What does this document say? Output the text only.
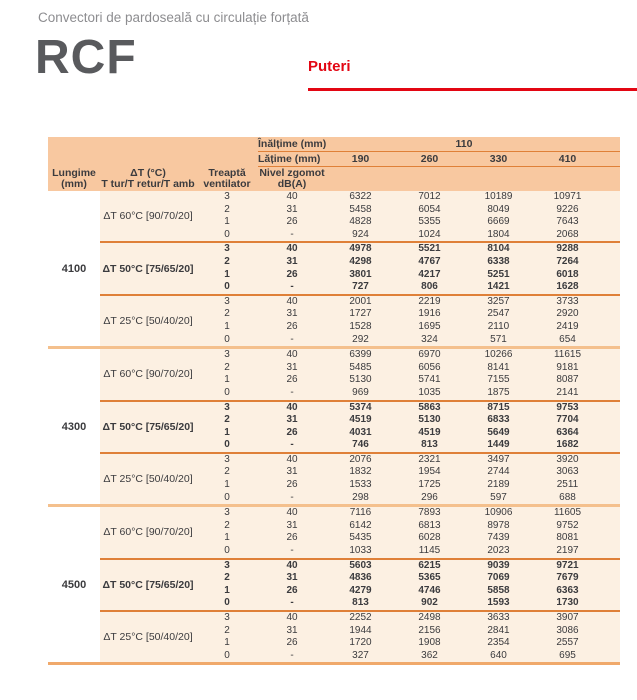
Convectori de pardoseală cu circulație forțată
RCF	Puteri
Înălțime (mm)	110
Lățime (mm)	190	260	330	410
Lungime
(mm)
ΔT (°C)
T tur/T retur/T amb
Treaptă
ventilator
Nivel zgomot
dB(A)
4100
ΔT 60°C [90/70/20]
3	40	6322	7012	10189	10971
2	31	5458	6054	8049	9226
1	26	4828	5355	6669	7643
0	-	924	1024	1804	2068
ΔT 50°C [75/65/20]
3	40	4978	5521	8104	9288
2	31	4298	4767	6338	7264
1	26	3801	4217	5251	6018
0	-	727	806	1421	1628
ΔT 25°C [50/40/20]
3	40	2001	2219	3257	3733
2	31	1727	1916	2547	2920
1	26	1528	1695	2110	2419
0	-	292	324	571	654
4300
ΔT 60°C [90/70/20]
3	40	6399	6970	10266	11615
2	31	5485	6056	8141	9181
1	26	5130	5741	7155	8087
0	-	969	1035	1875	2141
ΔT 50°C [75/65/20]
3	40	5374	5863	8715	9753
2	31	4519	5130	6833	7704
1	26	4031	4519	5649	6364
0	-	746	813	1449	1682
ΔT 25°C [50/40/20]
3	40	2076	2321	3497	3920
2	31	1832	1954	2744	3063
1	26	1533	1725	2189	2511
0	-	298	296	597	688
4500
ΔT 60°C [90/70/20]
3	40	7116	7893	10906	11605
2	31	6142	6813	8978	9752
1	26	5435	6028	7439	8081
0	-	1033	1145	2023	2197
ΔT 50°C [75/65/20]
3	40	5603	6215	9039	9721
2	31	4836	5365	7069	7679
1	26	4279	4746	5858	6363
0	-	813	902	1593	1730
ΔT 25°C [50/40/20]
3	40	2252	2498	3633	3907
2	31	1944	2156	2841	3086
1	26	1720	1908	2354	2557
0	-	327	362	640	695
